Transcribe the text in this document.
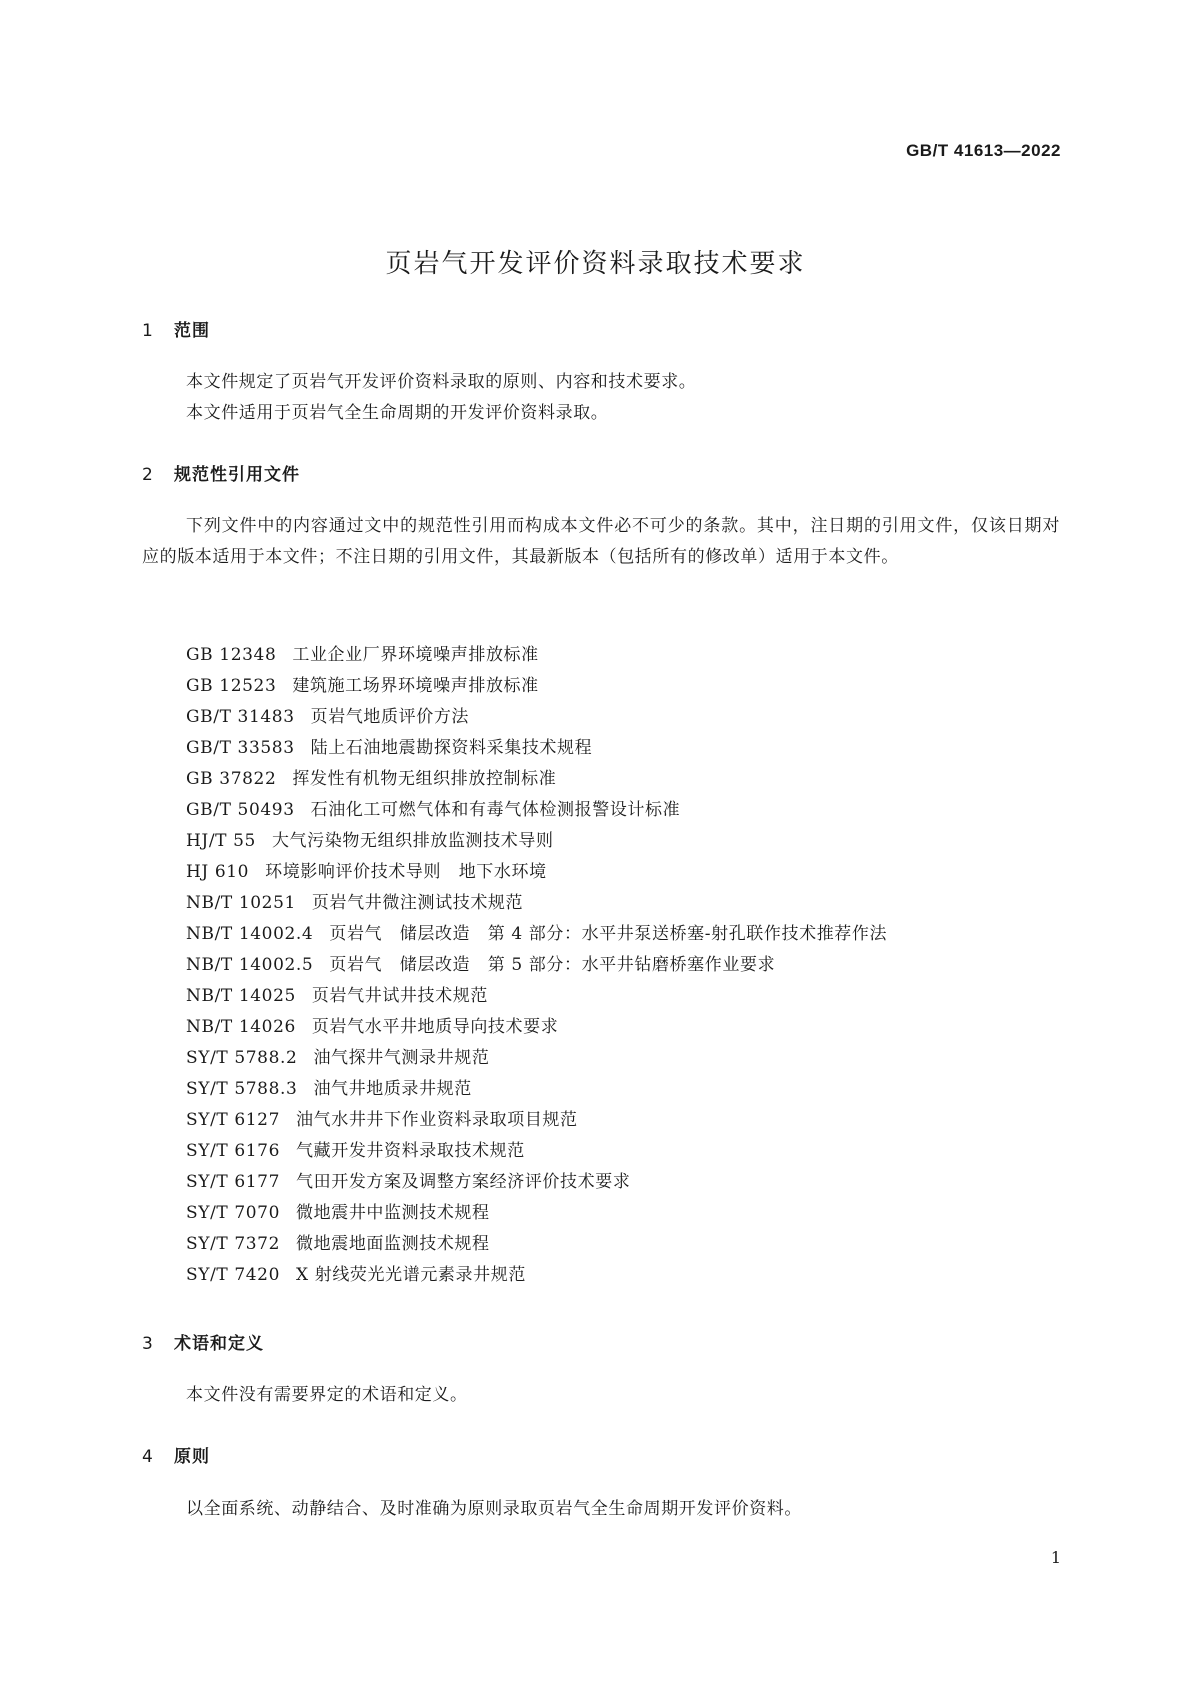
GB/T 41613—2022
页岩气开发评价资料录取技术要求
1 范围

本文件规定了页岩气开发评价资料录取的原则、内容和技术要求。

本文件适用于页岩气全生命周期的开发评价资料录取。

2 规范性引用文件

下列文件中的内容通过文中的规范性引用而构成本文件必不可少的条款。其中，注日期的引用文件，仅该日期对应的版本适用于本文件；不注日期的引用文件，其最新版本（包括所有的修改单）适用于本文件。

GB 12348 工业企业厂界环境噪声排放标准
GB 12523 建筑施工场界环境噪声排放标准
GB/T 31483 页岩气地质评价方法
GB/T 33583 陆上石油地震勘探资料采集技术规程
GB 37822 挥发性有机物无组织排放控制标准
GB/T 50493 石油化工可燃气体和有毒气体检测报警设计标准
HJ/T 55 大气污染物无组织排放监测技术导则
HJ 610 环境影响评价技术导则　地下水环境
NB/T 10251 页岩气井微注测试技术规范
NB/T 14002.4 页岩气　储层改造　第 4 部分：水平井泵送桥塞-射孔联作技术推荐作法
NB/T 14002.5 页岩气　储层改造　第 5 部分：水平井钻磨桥塞作业要求
NB/T 14025 页岩气井试井技术规范
NB/T 14026 页岩气水平井地质导向技术要求
SY/T 5788.2 油气探井气测录井规范
SY/T 5788.3 油气井地质录井规范
SY/T 6127 油气水井井下作业资料录取项目规范
SY/T 6176 气藏开发井资料录取技术规范
SY/T 6177 气田开发方案及调整方案经济评价技术要求
SY/T 7070 微地震井中监测技术规程
SY/T 7372 微地震地面监测技术规程
SY/T 7420 X 射线荧光光谱元素录井规范
3 术语和定义

本文件没有需要界定的术语和定义。

4 原则

以全面系统、动静结合、及时准确为原则录取页岩气全生命周期开发评价资料。

1
